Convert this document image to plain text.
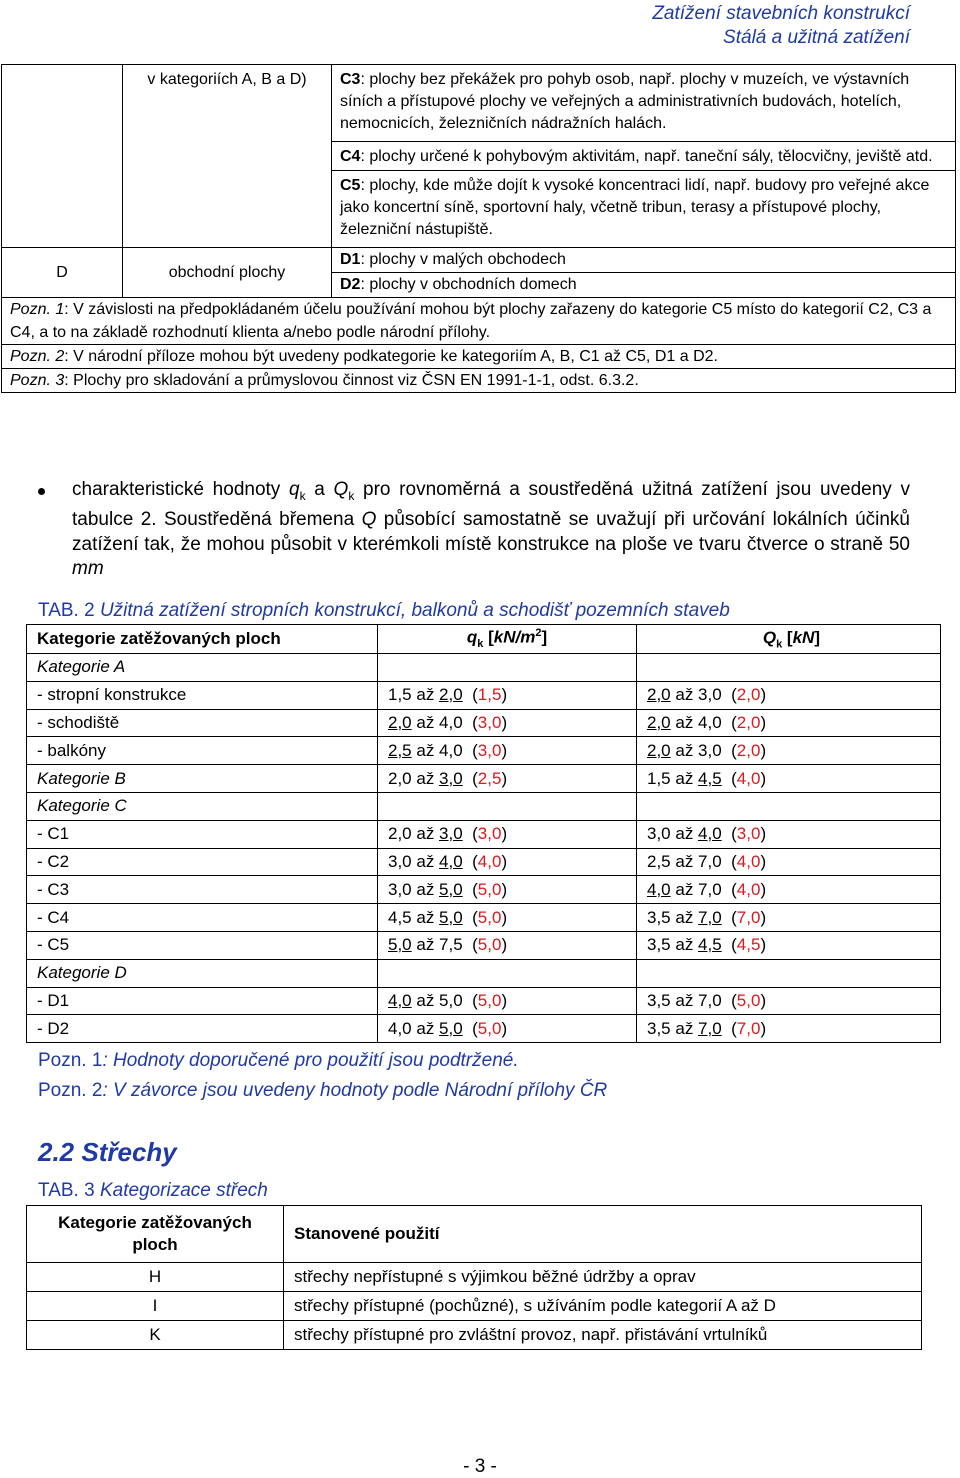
Zatížení stavebních konstrukcí
Stálá a užitná zatížení

	v kategoriích A, B a D)	C3: plochy bez překážek pro pohyb osob, např. plochy v muzeích, ve výstavních síních a přístupové plochy ve veřejných a administrativních budovách, hotelích, nemocnicích, železničních nádražních halách.

		C4: plochy určené k pohybovým aktivitám, např. taneční sály, tělocvičny, jeviště atd.

		C5: plochy, kde může dojít k vysoké koncentraci lidí, např. budovy pro veřejné akce jako koncertní síně, sportovní haly, včetně tribun, terasy a přístupové plochy, železniční nástupiště.

D	obchodní plochy	D1: plochy v malých obchodech

		D2: plochy v obchodních domech

Pozn. 1: V závislosti na předpokládaném účelu používání mohou být plochy zařazeny do kategorie C5 místo do kategorií C2, C3 a C4, a to na základě rozhodnutí klienta a/nebo podle národní přílohy.		
Pozn. 2: V národní příloze mohou být uvedeny podkategorie ke kategoriím A, B, C1 až C5, D1 a D2.		
Pozn. 3: Plochy pro skladování a průmyslovou činnost viz ČSN EN 1991-1-1, odst. 6.3.2.		

charakteristické hodnoty $q_k$ a $Q_k$ pro rovnoměrná a soustředěná užitná zatížení jsou uvedeny v tabulce 2. Soustředěná břemena Q působící samostatně se uvažují při určování lokálních účinků zatížení tak, že mohou působit v kterémkoli místě konstrukce na ploše ve tvaru čtverce o straně 50 mm

TAB. 2 Užitná zatížení stropních konstrukcí, balkonů a schodišť pozemních staveb
Kategorie zatěžovaných ploch	$q_k$ $[kN/m^2]$	$Q_k$ [kN]
Kategorie A		
- stropní konstrukce	1,5 až 2,0  (1,5)	2,0 až 3,0  (2,0)
- schodiště	2,0 až 4,0  (3,0)	2,0 až 4,0  (2,0)
- balkóny	2,5 až 4,0  (3,0)	2,0 až 3,0  (2,0)
Kategorie B	2,0 až 3,0  (2,5)	1,5 až 4,5  (4,0)
Kategorie C		
- C1	2,0 až 3,0  (3,0)	3,0 až 4,0  (3,0)
- C2	3,0 až 4,0  (4,0)	2,5 až 7,0  (4,0)
- C3	3,0 až 5,0  (5,0)	4,0 až 7,0  (4,0)
- C4	4,5 až 5,0  (5,0)	3,5 až 7,0  (7,0)
- C5	5,0 až 7,5  (5,0)	3,5 až 4,5  (4,5)
Kategorie D		
- D1	4,0 až 5,0  (5,0)	3,5 až 7,0  (5,0)
- D2	4,0 až 5,0  (5,0)	3,5 až 7,0  (7,0)
Pozn. 1: Hodnoty doporučené pro použití jsou podtržené.
Pozn. 2: V závorce jsou uvedeny hodnoty podle Národní přílohy ČR
2.2 Střechy
TAB. 3 Kategorizace střech
Kategorie zatěžovaných ploch	Stanovené použití
H	střechy nepřístupné s výjimkou běžné údržby a oprav
I	střechy přístupné (pochůzné), s užíváním podle kategorií A až D
K	střechy přístupné pro zvláštní provoz, např. přistávání vrtulníků
- 3 -
